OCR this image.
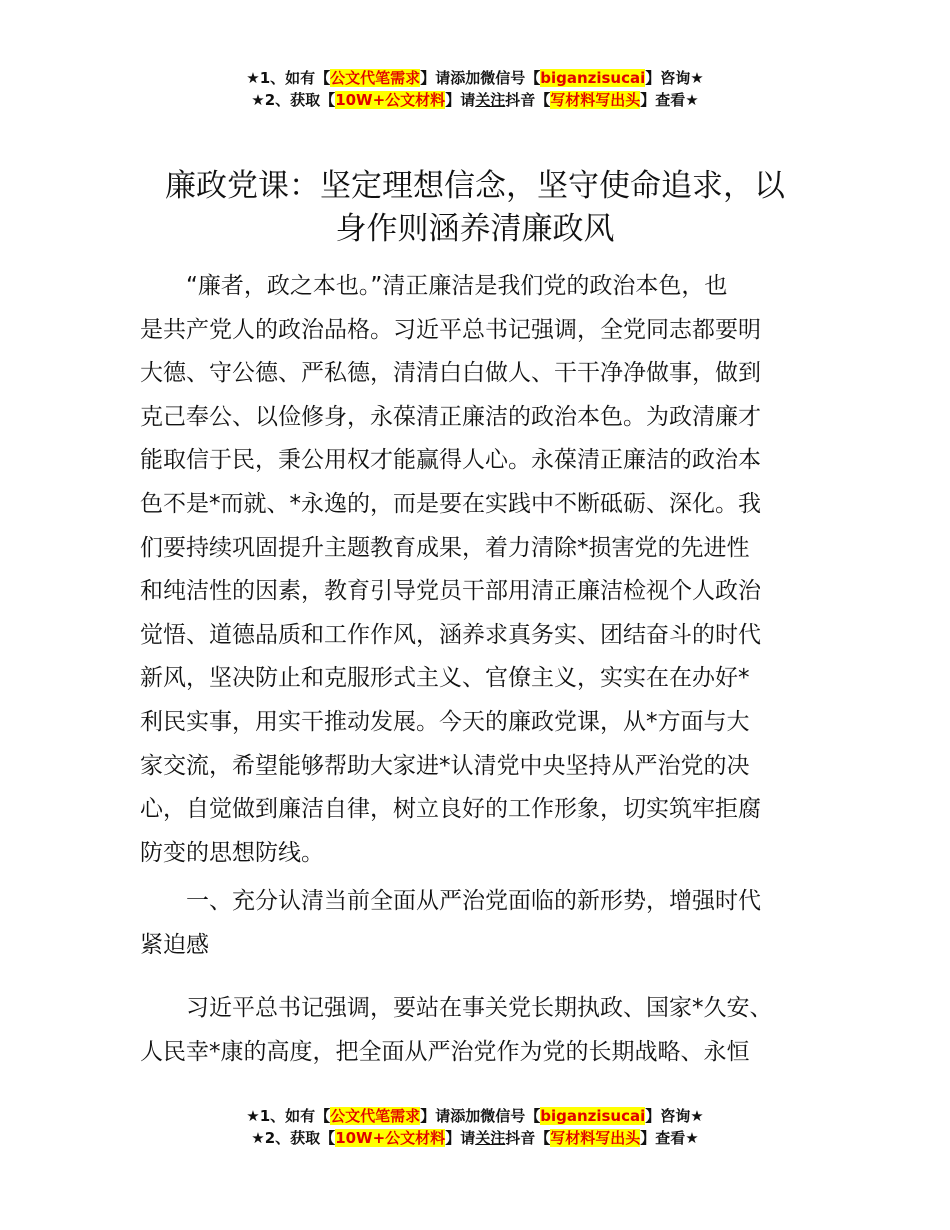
★1、如有【公文代笔需求】请添加微信号【biganzisucai】咨询★
★2、获取【10W+公文材料】请关注抖音【写材料写出头】查看★
廉政党课：坚定理想信念，坚守使命追求，以
身作则涵养清廉政风
　　“廉者，政之本也。”清正廉洁是我们党的政治本色，也
是共产党人的政治品格。习近平总书记强调，全党同志都要明
大德、守公德、严私德，清清白白做人、干干净净做事，做到
克己奉公、以俭修身，永葆清正廉洁的政治本色。为政清廉才
能取信于民，秉公用权才能赢得人心。永葆清正廉洁的政治本
色不是*而就、*永逸的，而是要在实践中不断砥砺、深化。我
们要持续巩固提升主题教育成果，着力清除*损害党的先进性
和纯洁性的因素，教育引导党员干部用清正廉洁检视个人政治
觉悟、道德品质和工作作风，涵养求真务实、团结奋斗的时代
新风，坚决防止和克服形式主义、官僚主义，实实在在办好*
利民实事，用实干推动发展。今天的廉政党课，从*方面与大
家交流，希望能够帮助大家进*认清党中央坚持从严治党的决
心，自觉做到廉洁自律，树立良好的工作形象，切实筑牢拒腐
防变的思想防线。
　　一、充分认清当前全面从严治党面临的新形势，增强时代
紧迫感
　　习近平总书记强调，要站在事关党长期执政、国家*久安、
人民幸*康的高度，把全面从严治党作为党的长期战略、永恒
★1、如有【公文代笔需求】请添加微信号【biganzisucai】咨询★
★2、获取【10W+公文材料】请关注抖音【写材料写出头】查看★
